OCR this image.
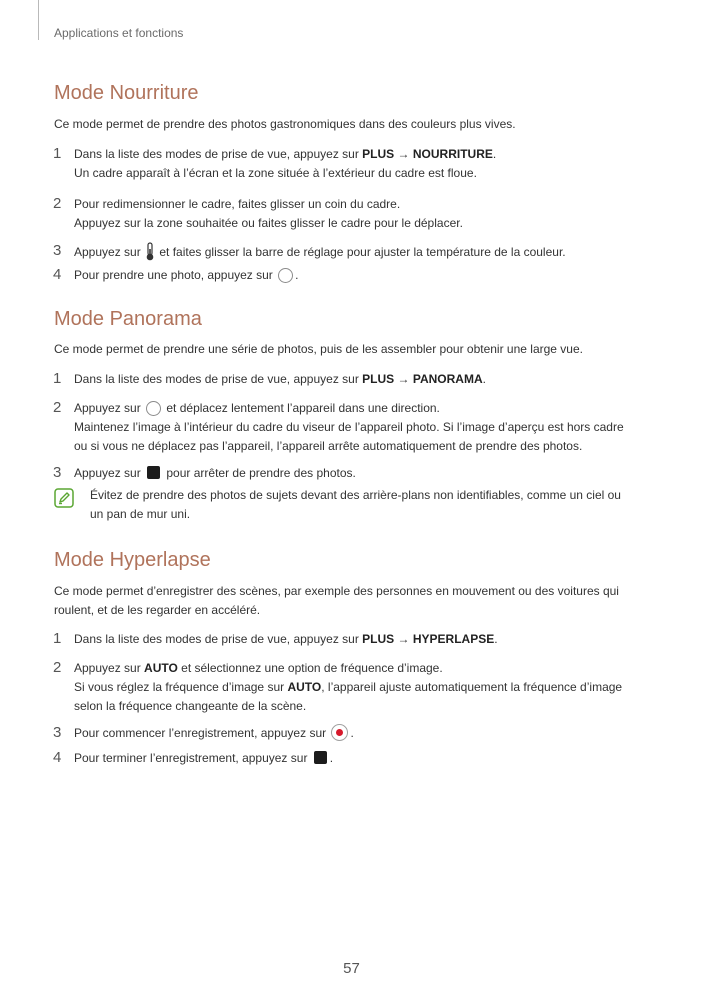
Applications et fonctions
Mode Nourriture
Ce mode permet de prendre des photos gastronomiques dans des couleurs plus vives.
1 Dans la liste des modes de prise de vue, appuyez sur PLUS → NOURRITURE.
Un cadre apparaît à l’écran et la zone située à l’extérieur du cadre est floue.
2 Pour redimensionner le cadre, faites glisser un coin du cadre.
Appuyez sur la zone souhaitée ou faites glisser le cadre pour le déplacer.
3 Appuyez sur  et faites glisser la barre de réglage pour ajuster la température de la couleur.
4 Pour prendre une photo, appuyez sur .
Mode Panorama
Ce mode permet de prendre une série de photos, puis de les assembler pour obtenir une large vue.
1 Dans la liste des modes de prise de vue, appuyez sur PLUS → PANORAMA.
2 Appuyez sur  et déplacez lentement l’appareil dans une direction.
Maintenez l’image à l’intérieur du cadre du viseur de l’appareil photo. Si l’image d’aperçu est hors cadre
ou si vous ne déplacez pas l’appareil, l’appareil arrête automatiquement de prendre des photos.
3 Appuyez sur  pour arrêter de prendre des photos.
Évitez de prendre des photos de sujets devant des arrière-plans non identifiables, comme un ciel ou
un pan de mur uni.
Mode Hyperlapse
Ce mode permet d’enregistrer des scènes, par exemple des personnes en mouvement ou des voitures qui
roulent, et de les regarder en accéléré.
1 Dans la liste des modes de prise de vue, appuyez sur PLUS → HYPERLAPSE.
2 Appuyez sur AUTO et sélectionnez une option de fréquence d’image.
Si vous réglez la fréquence d’image sur AUTO, l’appareil ajuste automatiquement la fréquence d’image
selon la fréquence changeante de la scène.
3 Pour commencer l’enregistrement, appuyez sur .
4 Pour terminer l’enregistrement, appuyez sur .
57
